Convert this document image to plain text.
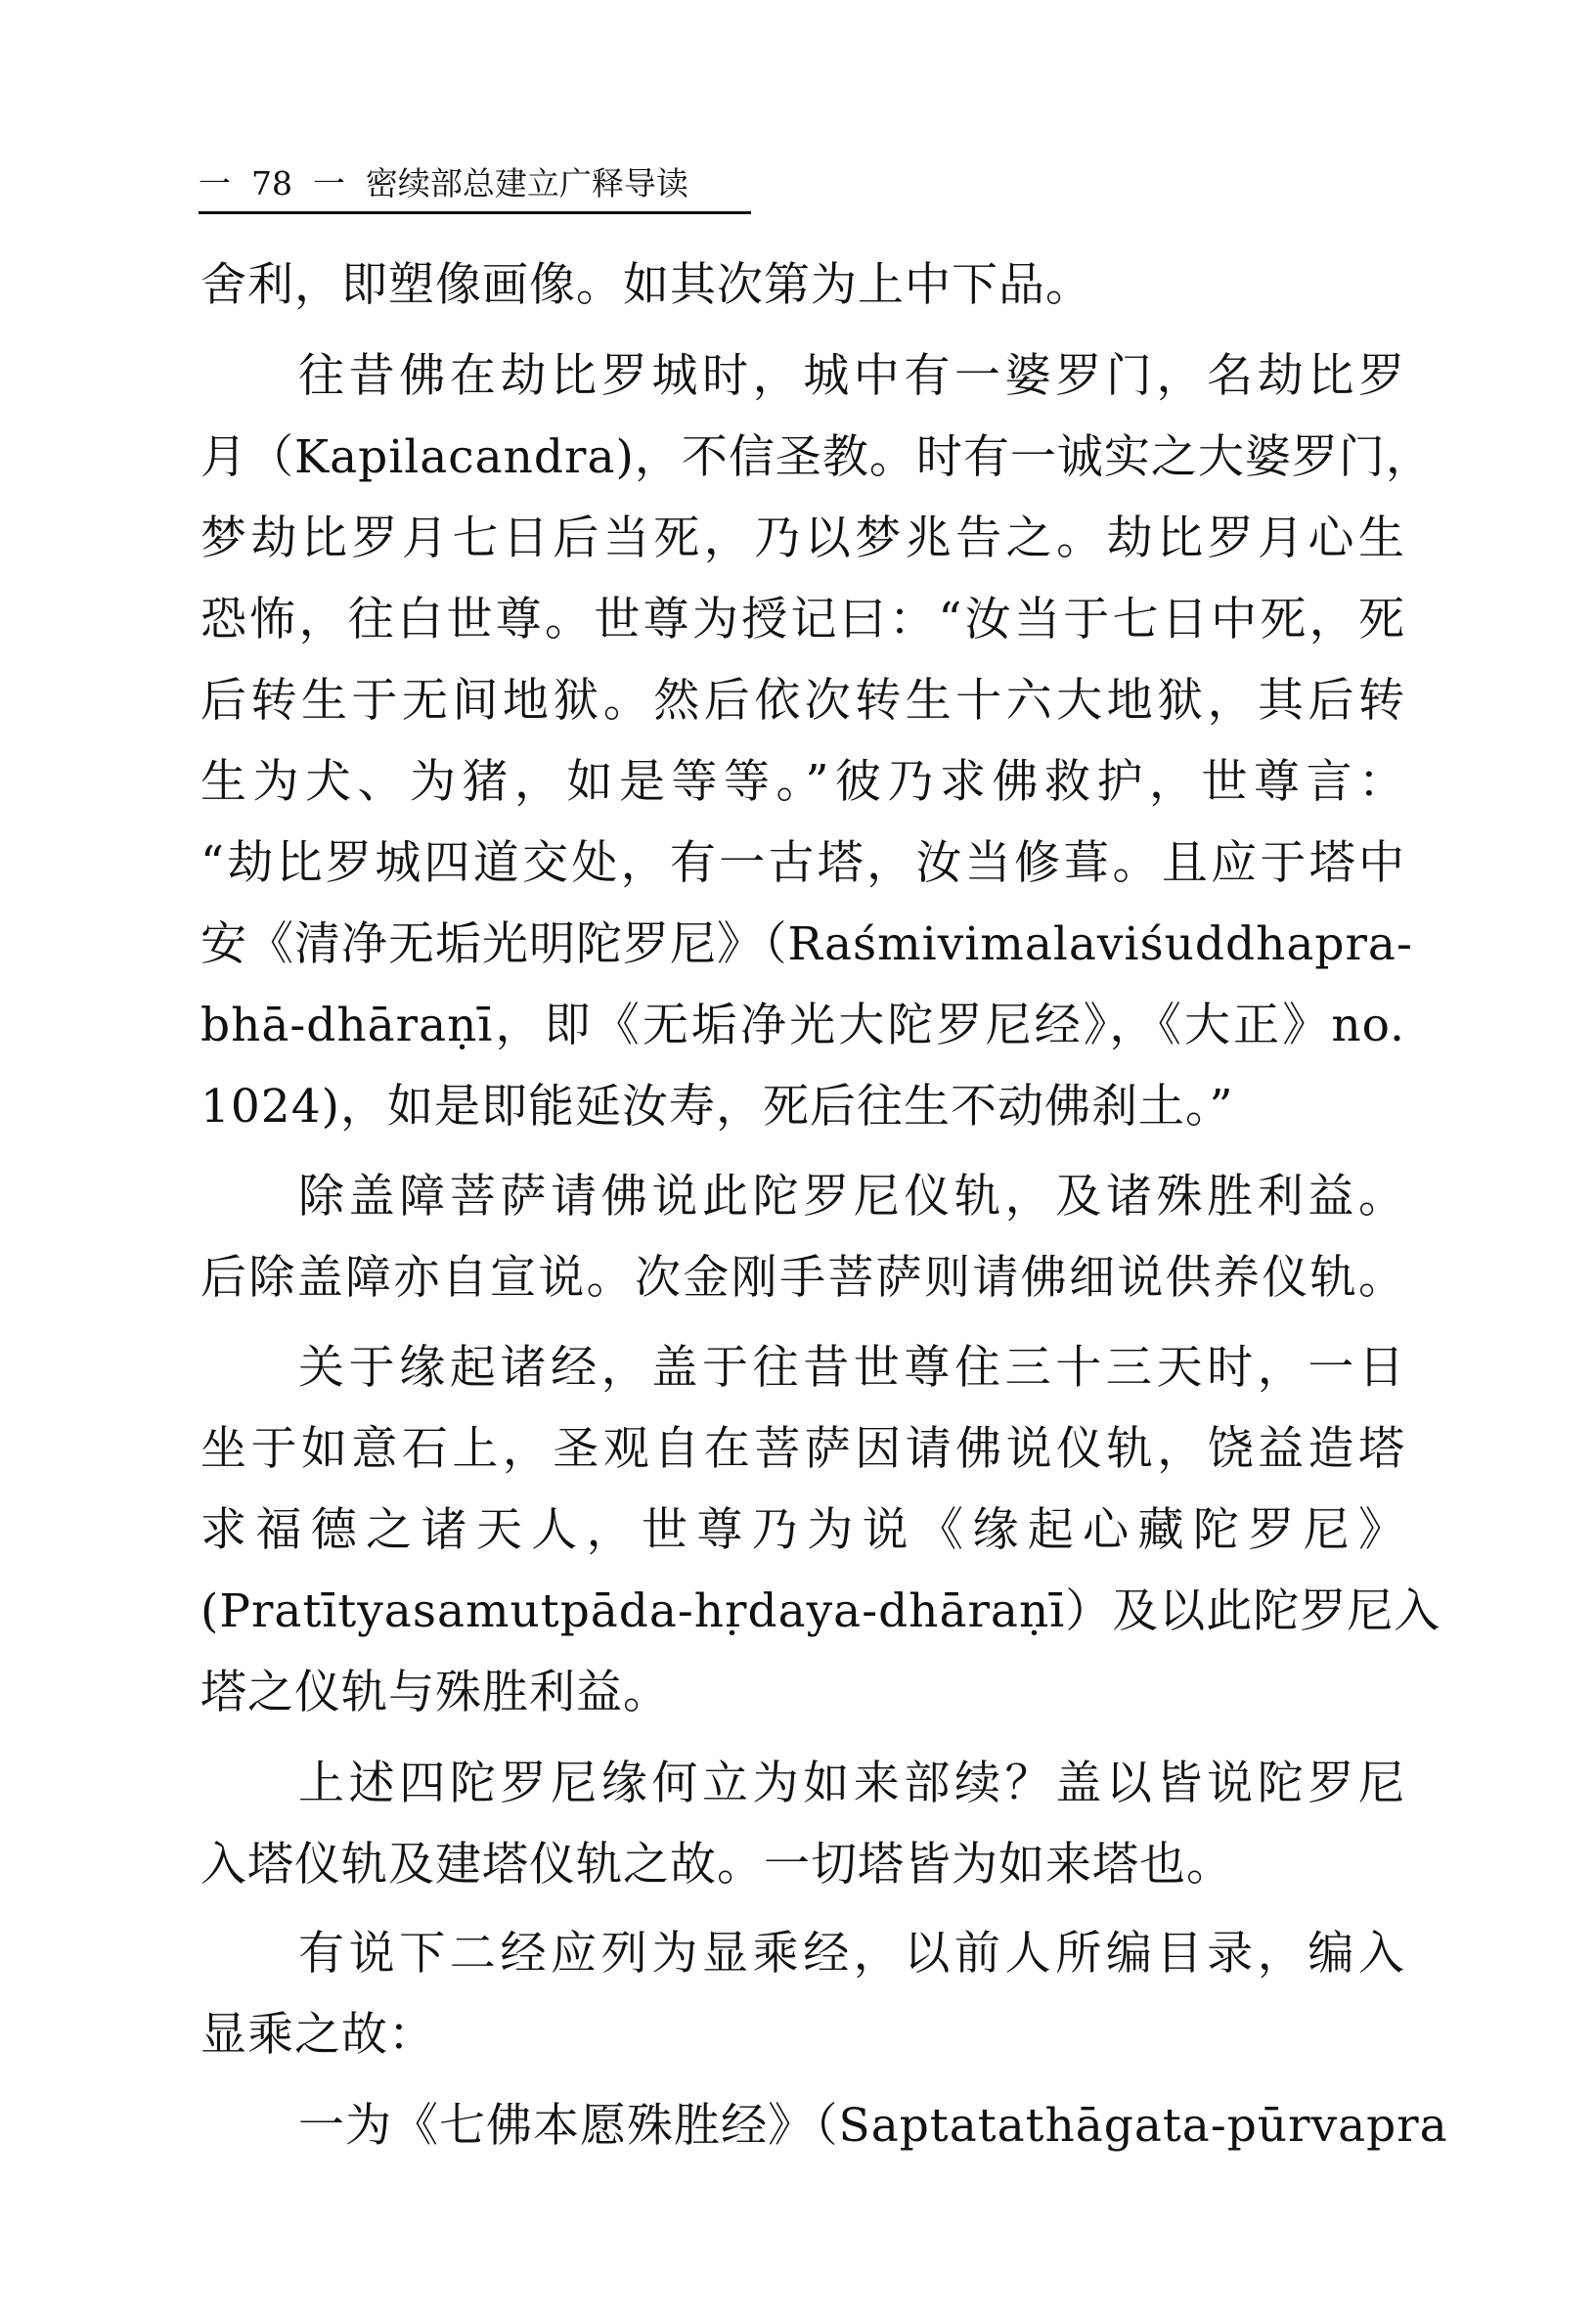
一  78  一  密续部总建立广释导读
舍利，即塑像画像。如其次第为上中下品。
往昔佛在劫比罗城时，城中有一婆罗门，名劫比罗
月（Kapilacandra)，不信圣教。时有一诚实之大婆罗门，
梦劫比罗月七日后当死，乃以梦兆告之。劫比罗月心生
恐怖，往白世尊。世尊为授记曰：“汝当于七日中死，死
后转生于无间地狱。然后依次转生十六大地狱，其后转
生为犬、为猪，如是等等。”彼乃求佛救护，世尊言：
“劫比罗城四道交处，有一古塔，汝当修葺。且应于塔中
安《清净无垢光明陀罗尼》（Raśmivimalaviśuddhapra-
bhā-dhāraṇī，即《无垢净光大陀罗尼经》，《大正》no.
1024)，如是即能延汝寿，死后往生不动佛刹土。”
除盖障菩萨请佛说此陀罗尼仪轨，及诸殊胜利益。
后除盖障亦自宣说。次金刚手菩萨则请佛细说供养仪轨。
关于缘起诸经，盖于往昔世尊住三十三天时，一日
坐于如意石上，圣观自在菩萨因请佛说仪轨，饶益造塔
求福德之诸天人，世尊乃为说《缘起心藏陀罗尼》
(Pratītyasamutpāda-hṛdaya-dhāraṇī）及以此陀罗尼入
塔之仪轨与殊胜利益。
上述四陀罗尼缘何立为如来部续？盖以皆说陀罗尼
入塔仪轨及建塔仪轨之故。一切塔皆为如来塔也。
有说下二经应列为显乘经，以前人所编目录，编入
显乘之故：
一为《七佛本愿殊胜经》（Saptatathāgata-pūrvapra
